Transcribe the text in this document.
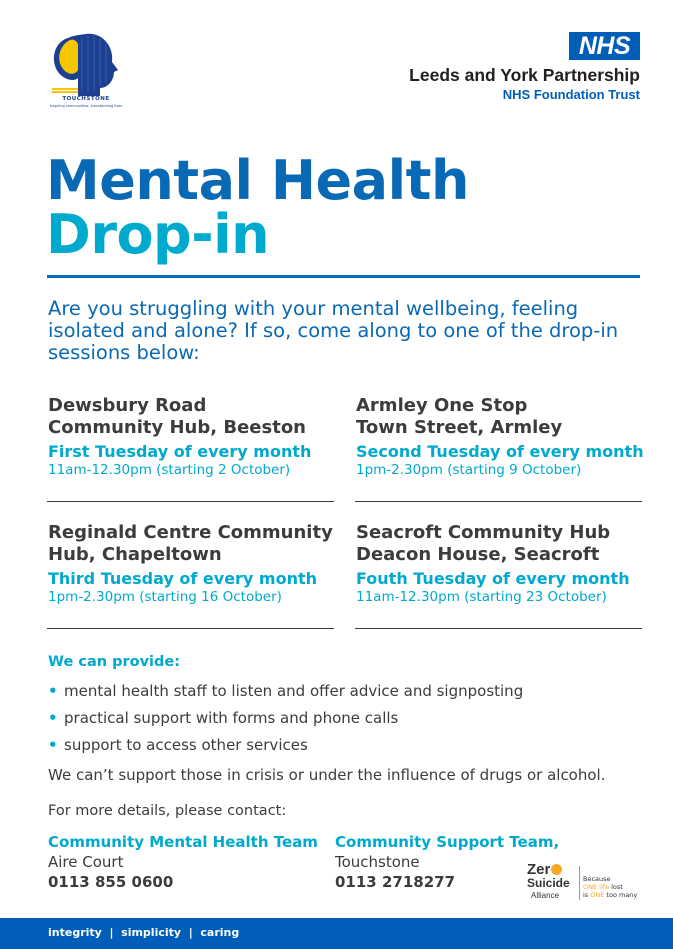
TOUCHSTONE
Inspiring communities, transforming lives
NHS
Leeds and York Partnership
NHS Foundation Trust
Mental Health
Drop-in
Are you struggling with your mental wellbeing, feeling isolated and alone? If so, come along to one of the drop-in sessions below:
Dewsbury Road
Community Hub, Beeston
First Tuesday of every month
11am-12.30pm (starting 2 October)
Armley One Stop
Town Street, Armley
Second Tuesday of every month
1pm-2.30pm (starting 9 October)
Reginald Centre Community
Hub, Chapeltown
Third Tuesday of every month
1pm-2.30pm (starting 16 October)
Seacroft Community Hub
Deacon House, Seacroft
Fouth Tuesday of every month
11am-12.30pm (starting 23 October)
We can provide:
• mental health staff to listen and offer advice and signposting
• practical support with forms and phone calls
• support to access other services
We can’t support those in crisis or under the influence of drugs or alcohol.
For more details, please contact:
Community Mental Health Team
Aire Court
0113 855 0600
Community Support Team,
Touchstone
0113 2718277
Zer
Suicide
Alliance
Because
ONE life lost
is ONE too many
integrity  |  simplicity  |  caring
